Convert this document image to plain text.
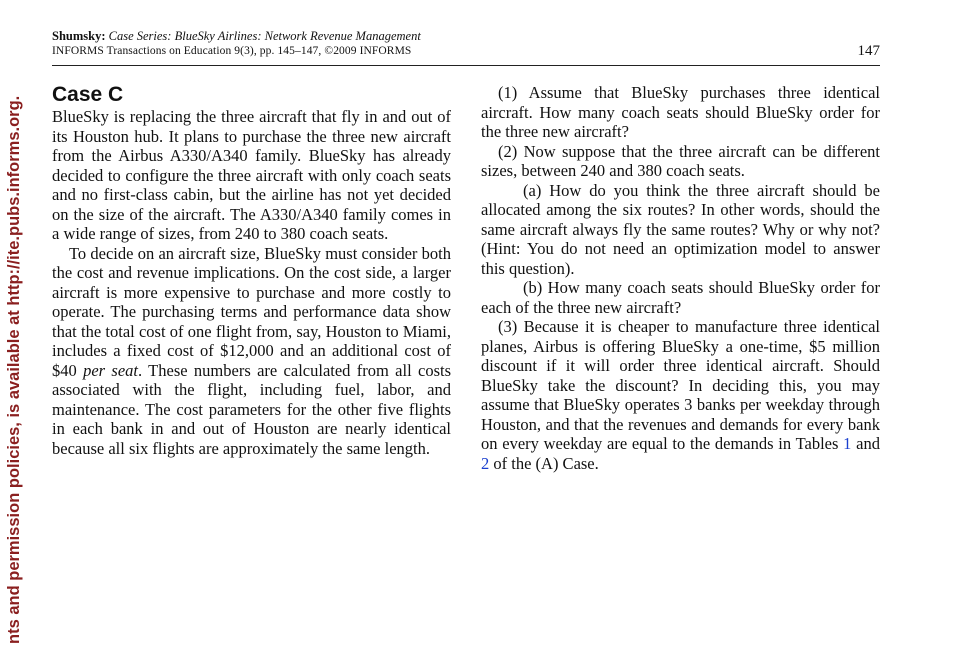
nts and permission policies, is available at http://ite.pubs.informs.org.
Shumsky: Case Series: BlueSky Airlines: Network Revenue Management
INFORMS Transactions on Education 9(3), pp. 145–147, ©2009 INFORMS	147
Case C

BlueSky is replacing the three aircraft that fly in and out of its Houston hub. It plans to purchase the three new aircraft from the Airbus A330/A340 family. BlueSky has already decided to configure the three aircraft with only coach seats and no first-class cabin, but the airline has not yet decided on the size of the aircraft. The A330/A340 family comes in a wide range of sizes, from 240 to 380 coach seats.

To decide on an aircraft size, BlueSky must consider both the cost and revenue implications. On the cost side, a larger aircraft is more expensive to purchase and more costly to operate. The purchasing terms and performance data show that the total cost of one flight from, say, Houston to Miami, includes a fixed cost of $12,000 and an additional cost of $40 per seat. These numbers are calculated from all costs associated with the flight, including fuel, labor, and maintenance. The cost parameters for the other five flights in each bank in and out of Houston are nearly identical because all six flights are approximately the same length.

(1) Assume that BlueSky purchases three identical aircraft. How many coach seats should BlueSky order for the three new aircraft?

(2) Now suppose that the three aircraft can be different sizes, between 240 and 380 coach seats.

(a) How do you think the three aircraft should be allocated among the six routes? In other words, should the same aircraft always fly the same routes? Why or why not? (Hint: You do not need an optimization model to answer this question).

(b) How many coach seats should BlueSky order for each of the three new aircraft?

(3) Because it is cheaper to manufacture three identical planes, Airbus is offering BlueSky a one-time, $5 million discount if it will order three identical aircraft. Should BlueSky take the discount? In deciding this, you may assume that BlueSky operates 3 banks per weekday through Houston, and that the revenues and demands for every bank on every weekday are equal to the demands in Tables 1 and 2 of the (A) Case.
